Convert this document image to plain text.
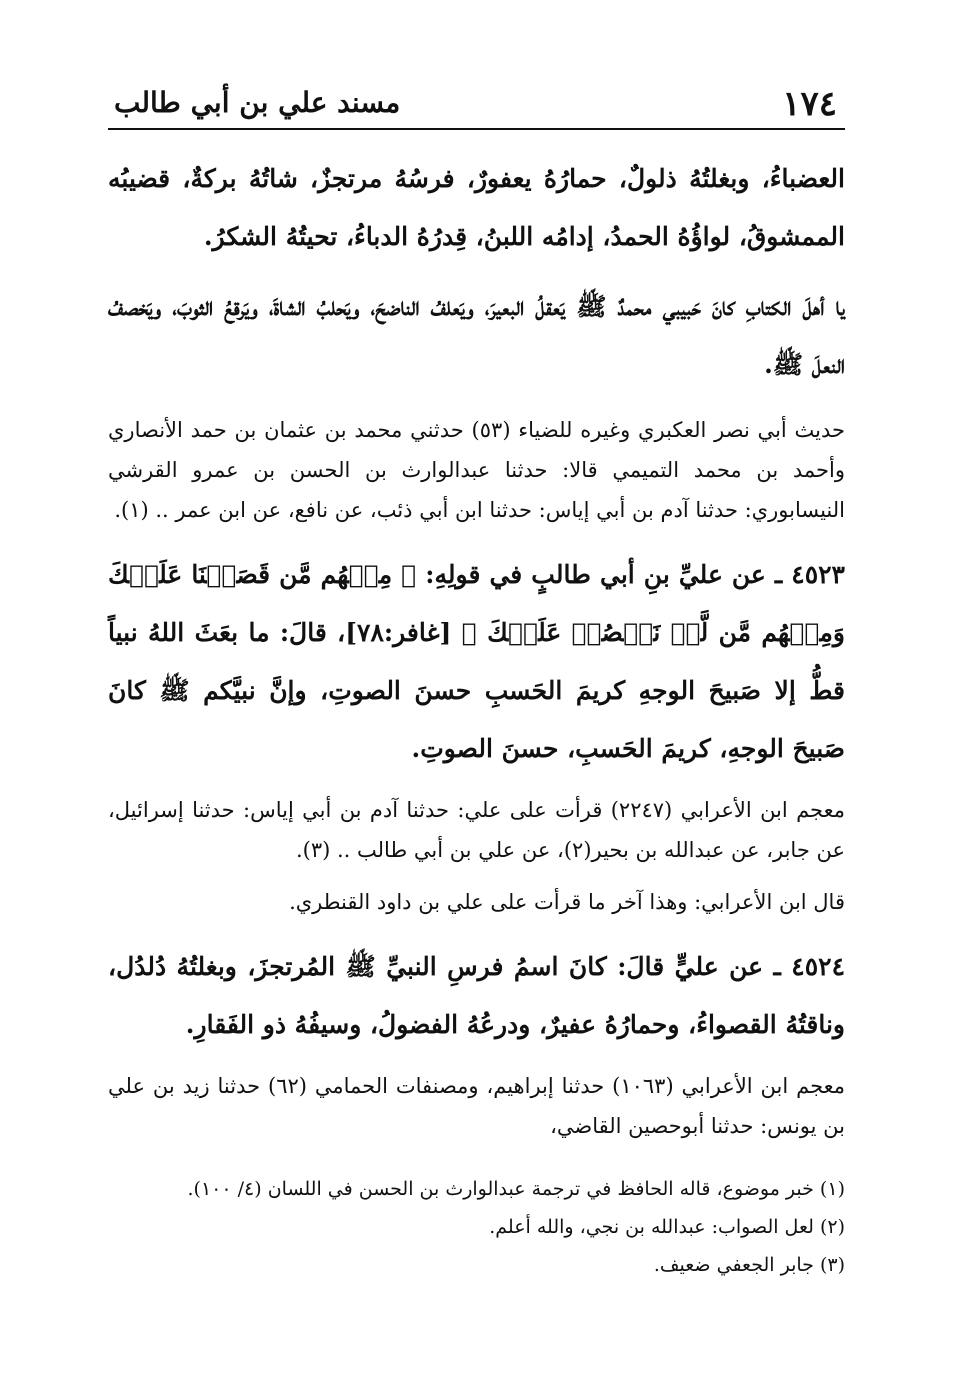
١٧٤
مسند علي بن أبي طالب

العضباءُ، وبغلتُهُ ذلولٌ، حمارُهُ يعفورٌ، فرسُهُ مرتجزٌ، شاتُهُ بركةٌ، قضيبُه الممشوقُ، لواؤُهُ الحمدُ، إدامُه اللبنُ، قِدرُهُ الدباءُ، تحيتُهُ الشكرُ.

يا أهلَ الكتابِ كانَ حَبيبي محمدٌ ﷺ يَعقلُ البعيرَ، ويَعلفُ الناضحَ، ويَحلبُ الشاةَ، ويَرقعُ الثوبَ، ويَخصفُ النعلَ ﷺ.

حديث أبي نصر العكبري وغيره للضياء (٥٣) حدثني محمد بن عثمان بن حمد الأنصاري وأحمد بن محمد التميمي قالا: حدثنا عبدالوارث بن الحسن بن عمرو القرشي النيسابوري: حدثنا آدم بن أبي إياس: حدثنا ابن أبي ذئب، عن نافع، عن ابن عمر .. (١).

٤٥٢٣ ـ عن عليِّ بنِ أبي طالبٍ في قولِهِ: ﴿ مِنۡهُم مَّن قَصَصۡنَا عَلَيۡكَ وَمِنۡهُم مَّن لَّمۡ نَقۡصُصۡ عَلَيۡكَ ﴾ [غافر:٧٨]، قالَ: ما بعَثَ اللهُ نبياً قطُّ إلا صَبيحَ الوجهِ كريمَ الحَسبِ حسنَ الصوتِ، وإنَّ نبيَّكم ﷺ كانَ صَبيحَ الوجهِ، كريمَ الحَسبِ، حسنَ الصوتِ.

معجم ابن الأعرابي (٢٢٤٧) قرأت على علي: حدثنا آدم بن أبي إياس: حدثنا إسرائيل، عن جابر، عن عبدالله بن بحير(٢)، عن علي بن أبي طالب .. (٣).

قال ابن الأعرابي: وهذا آخر ما قرأت على علي بن داود القنطري.

٤٥٢٤ ـ عن عليٍّ قالَ: كانَ اسمُ فرسِ النبيِّ ﷺ المُرتجزَ، وبغلتُهُ دُلدُل، وناقتُهُ القصواءُ، وحمارُهُ عفيرٌ، ودرعُهُ الفضولُ، وسيفُهُ ذو الفَقارِ.

معجم ابن الأعرابي (١٠٦٣) حدثنا إبراهيم، ومصنفات الحمامي (٦٢) حدثنا زيد بن علي بن يونس: حدثنا أبوحصين القاضي،

(١) خبر موضوع، قاله الحافظ في ترجمة عبدالوارث بن الحسن في اللسان (٤/ ١٠٠).

(٢) لعل الصواب: عبدالله بن نجي، والله أعلم.

(٣) جابر الجعفي ضعيف.
